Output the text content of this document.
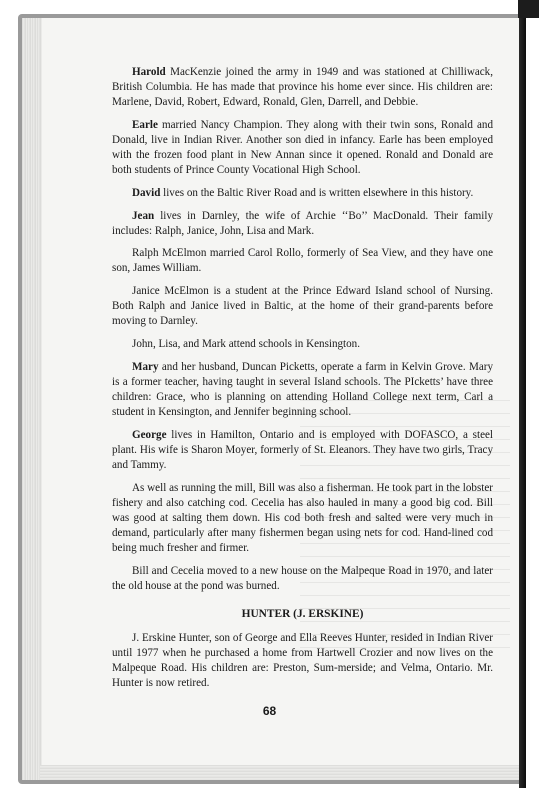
Harold MacKenzie joined the army in 1949 and was stationed at Chilliwack, British Columbia. He has made that province his home ever since. His children are: Marlene, David, Robert, Edward, Ronald, Glen, Darrell, and Debbie.

Earle married Nancy Champion. They along with their twin sons, Ronald and Donald, live in Indian River. Another son died in infancy. Earle has been employed with the frozen food plant in New Annan since it opened. Ronald and Donald are both students of Prince County Vocational High School.

David lives on the Baltic River Road and is written elsewhere in this history.

Jean lives in Darnley, the wife of Archie ‘‘Bo’’ MacDonald. Their family includes: Ralph, Janice, John, Lisa and Mark.

Ralph McElmon married Carol Rollo, formerly of Sea View, and they have one son, James William.

Janice McElmon is a student at the Prince Edward Island school of Nursing. Both Ralph and Janice lived in Baltic, at the home of their grand-parents before moving to Darnley.

John, Lisa, and Mark attend schools in Kensington.

Mary and her husband, Duncan Picketts, operate a farm in Kelvin Grove. Mary is a former teacher, having taught in several Island schools. The PIcketts’ have three children: Grace, who is planning on attending Holland College next term, Carl a student in Kensington, and Jennifer beginning school.

George lives in Hamilton, Ontario and is employed with DOFASCO, a steel plant. His wife is Sharon Moyer, formerly of St. Eleanors. They have two girls, Tracy and Tammy.

As well as running the mill, Bill was also a fisherman. He took part in the lobster fishery and also catching cod. Cecelia has also hauled in many a good big cod. Bill was good at salting them down. His cod both fresh and salted were very much in demand, particularly after many fishermen began using nets for cod. Hand-lined cod being much fresher and firmer.

Bill and Cecelia moved to a new house on the Malpeque Road in 1970, and later the old house at the pond was burned.

HUNTER (J. ERSKINE)

J. Erskine Hunter, son of George and Ella Reeves Hunter, resided in Indian River until 1977 when he purchased a home from Hartwell Crozier and now lives on the Malpeque Road. His children are: Preston, Sum-merside; and Velma, Ontario. Mr. Hunter is now retired.

68
